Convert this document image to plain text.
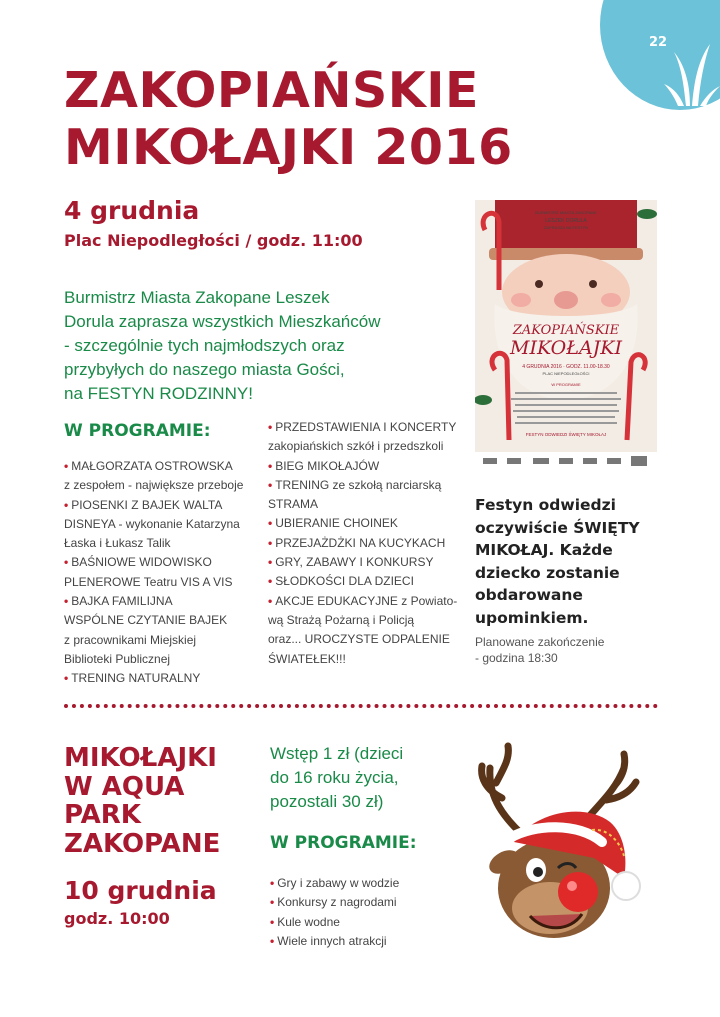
22
ZAKOPIAŃSKIE
MIKOŁAJKI 2016
4 grudnia
Plac Niepodległości / godz. 11:00
Burmistrz Miasta Zakopane Leszek
Dorula zaprasza wszystkich Mieszkańców
- szczególnie tych najmłodszych oraz
przybyłych do naszego miasta Gości,
na FESTYN RODZINNY!
W PROGRAMIE:
• MAŁGORZATA OSTROWSKA
z zespołem - największe przeboje
• PIOSENKI Z BAJEK WALTA
DISNEYA - wykonanie Katarzyna
Łaska i Łukasz Talik
• BAŚNIOWE WIDOWISKO
PLENEROWE Teatru VIS A VIS
• BAJKA FAMILIJNA
WSPÓLNE CZYTANIE BAJEK
z pracownikami Miejskiej
Biblioteki Publicznej
• TRENING NATURALNY
• PRZEDSTAWIENIA I KONCERTY
zakopiańskich szkół i przedszkoli
• BIEG MIKOŁAJÓW
• TRENING ze szkołą narciarską
STRAMA
• UBIERANIE CHOINEK
• PRZEJAŻDŻKI NA KUCYKACH
• GRY, ZABAWY I KONKURSY
• SŁODKOŚCI DLA DZIECI
• AKCJE EDUKACYJNE z Powiato-
wą Strażą Pożarną i Policją
oraz... UROCZYSTE ODPALENIE
ŚWIATEŁEK!!!
BURMISTRZ MIASTA ZAKOPANE
LESZEK DORULA
ZAPRASZA NA FESTYN
ZAKOPIAŃSKIE
MIKOŁAJKI
4 GRUDNIA 2016 · GODZ. 11.00-18.30
PLAC NIEPODLEGŁOŚCI
W PROGRAMIE
FESTYN ODWIEDZI ŚWIĘTY MIKOŁAJ
Festyn odwiedzi
oczywiście ŚWIĘTY
MIKOŁAJ. Każde
dziecko zostanie
obdarowane
upominkiem.
Planowane zakończenie
- godzina 18:30
MIKOŁAJKI
W AQUA
PARK
ZAKOPANE
10 grudnia
godz. 10:00
Wstęp 1 zł (dzieci
do 16 roku życia,
pozostali 30 zł)
W PROGRAMIE:
• Gry i zabawy w wodzie
• Konkursy z nagrodami
• Kule wodne
• Wiele innych atrakcji
